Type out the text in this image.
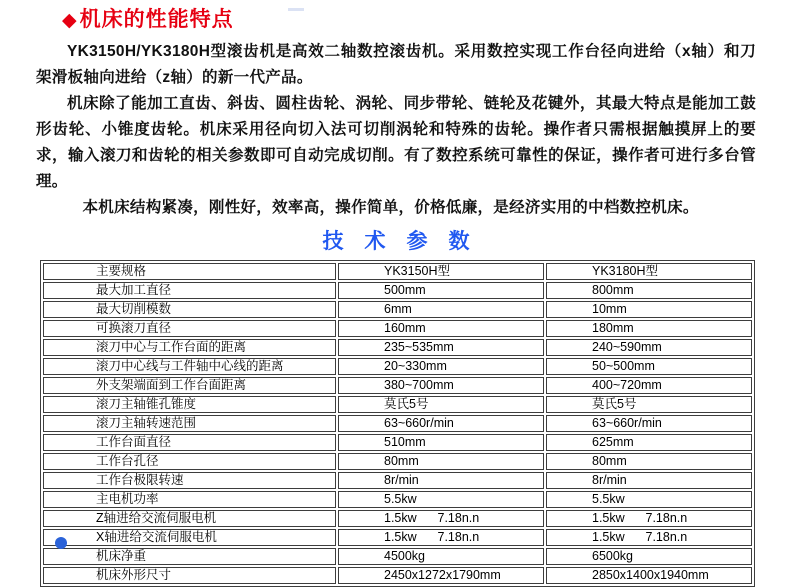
◆机床的性能特点

YK3150H/YK3180H型滚齿机是高效二轴数控滚齿机。采用数控实现工作台径向进给（x轴）和刀架滑板轴向进给（z轴）的新一代产品。

机床除了能加工直齿、斜齿、圆柱齿轮、涡轮、同步带轮、链轮及花键外，其最大特点是能加工鼓形齿轮、小锥度齿轮。机床采用径向切入法可切削涡轮和特殊的齿轮。操作者只需根据触摸屏上的要求，输入滚刀和齿轮的相关参数即可自动完成切削。有了数控系统可靠性的保证，操作者可进行多台管理。

本机床结构紧凑，刚性好，效率高，操作简单，价格低廉，是经济实用的中档数控机床。

技　术　参　数
主要规格	YK3150H型	YK3180H型
最大加工直径	500mm	800mm
最大切削模数	6mm	10mm
可换滚刀直径	160mm	180mm
滚刀中心与工作台面的距离	235~535mm	240~590mm
滚刀中心线与工件轴中心线的距离	20~330mm	50~500mm
外支架端面到工作台面距离	380~700mm	400~720mm
滚刀主轴锥孔锥度	莫氏5号	莫氏5号
滚刀主轴转速范围	63~660r/min	63~660r/min
工作台面直径	510mm	625mm
工作台孔径	80mm	80mm
工作台极限转速	8r/min	8r/min
主电机功率	5.5kw	5.5kw
Z轴进给交流伺服电机	1.5kw      7.18n.n	1.5kw      7.18n.n
X轴进给交流伺服电机	1.5kw      7.18n.n	1.5kw      7.18n.n
机床净重	4500kg	6500kg
机床外形尺寸	2450x1272x1790mm	2850x1400x1940mm
